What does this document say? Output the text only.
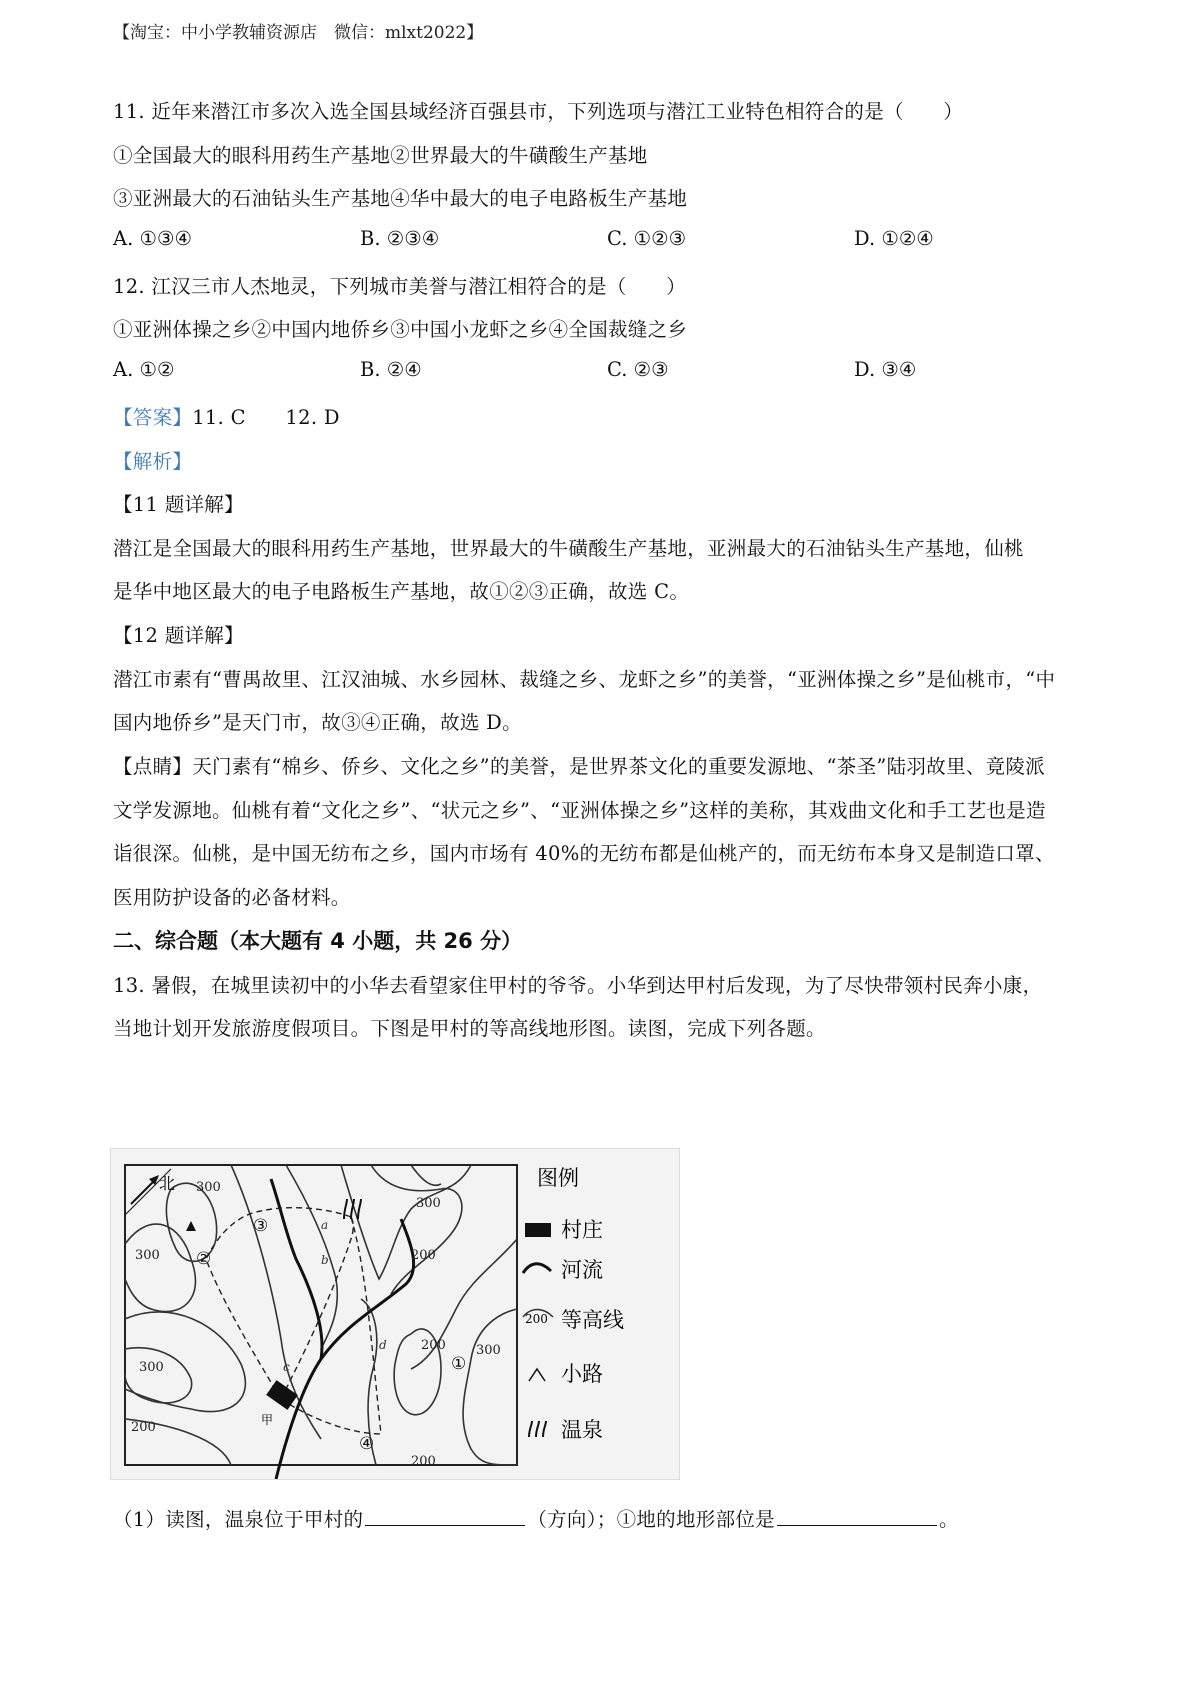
【淘宝：中小学教辅资源店　微信：mlxt2022】
11. 近年来潜江市多次入选全国县域经济百强县市，下列选项与潜江工业特色相符合的是（　　）
①全国最大的眼科用药生产基地②世界最大的牛磺酸生产基地
③亚洲最大的石油钻头生产基地④华中最大的电子电路板生产基地
A. ①③④	B. ②③④	C. ①②③	D. ①②④
12. 江汉三市人杰地灵，下列城市美誉与潜江相符合的是（　　）
①亚洲体操之乡②中国内地侨乡③中国小龙虾之乡④全国裁缝之乡
A. ①②	B. ②④	C. ②③	D. ③④
【答案】11. C　　12. D
【解析】
【11 题详解】
潜江是全国最大的眼科用药生产基地，世界最大的牛磺酸生产基地，亚洲最大的石油钻头生产基地，仙桃
是华中地区最大的电子电路板生产基地，故①②③正确，故选 C。
【12 题详解】
潜江市素有“曹禺故里、江汉油城、水乡园林、裁缝之乡、龙虾之乡”的美誉，“亚洲体操之乡”是仙桃市，“中
国内地侨乡”是天门市，故③④正确，故选 D。
【点睛】天门素有“棉乡、侨乡、文化之乡”的美誉，是世界茶文化的重要发源地、“茶圣”陆羽故里、竟陵派
文学发源地。仙桃有着“文化之乡”、“状元之乡”、“亚洲体操之乡”这样的美称，其戏曲文化和手工艺也是造
诣很深。仙桃，是中国无纺布之乡，国内市场有 40%的无纺布都是仙桃产的，而无纺布本身又是制造口罩、
医用防护设备的必备材料。
二、综合题（本大题有 4 小题，共 26 分）
13. 暑假，在城里读初中的小华去看望家住甲村的爷爷。小华到达甲村后发现，为了尽快带领村民奔小康，
当地计划开发旅游度假项目。下图是甲村的等高线地形图。读图，完成下列各题。
北
300
300
200
300
300
200
300
200
200
①
②
③
④
甲
a
b
c
d
图例
村庄
河流
200 等高线
小路
温泉
（1）读图，温泉位于甲村的	（方向）；①地的地形部位是	。
